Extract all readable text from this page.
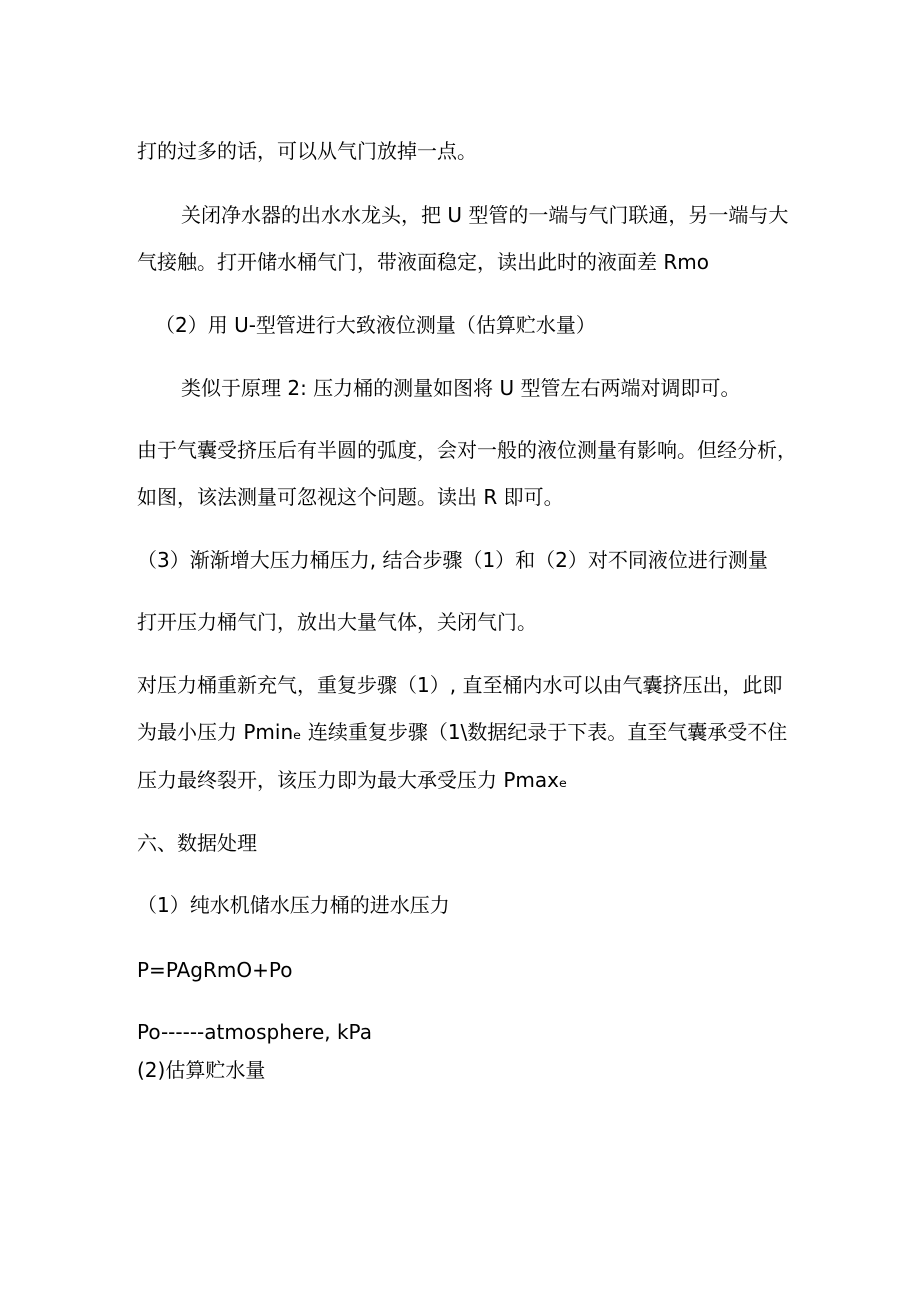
打的过多的话，可以从气门放掉一点。
关闭净水器的出水水龙头，把 U 型管的一端与气门联通，另一端与大
气接触。打开储水桶气门，带液面稳定，读出此时的液面差 Rmo
（2）用 U-型管进行大致液位测量（估算贮水量）
类似于原理 2: 压力桶的测量如图将 U 型管左右两端对调即可。
由于气囊受挤压后有半圆的弧度，会对一般的液位测量有影响。但经分析，
如图，该法测量可忽视这个问题。读出 R 即可。
（3）渐渐增大压力桶压力, 结合步骤（1）和（2）对不同液位进行测量
打开压力桶气门，放出大量气体，关闭气门。
对压力桶重新充气，重复步骤（1）, 直至桶内水可以由气囊挤压出，此即
为最小压力 Pminₑ 连续重复步骤（1\数据纪录于下表。直至气囊承受不住
压力最终裂开，该压力即为最大承受压力 Pmaxₑ
六、数据处理
（1）纯水机储水压力桶的进水压力
P=PAgRmO+Po
Po------atmosphere, kPa
(2)估算贮水量
